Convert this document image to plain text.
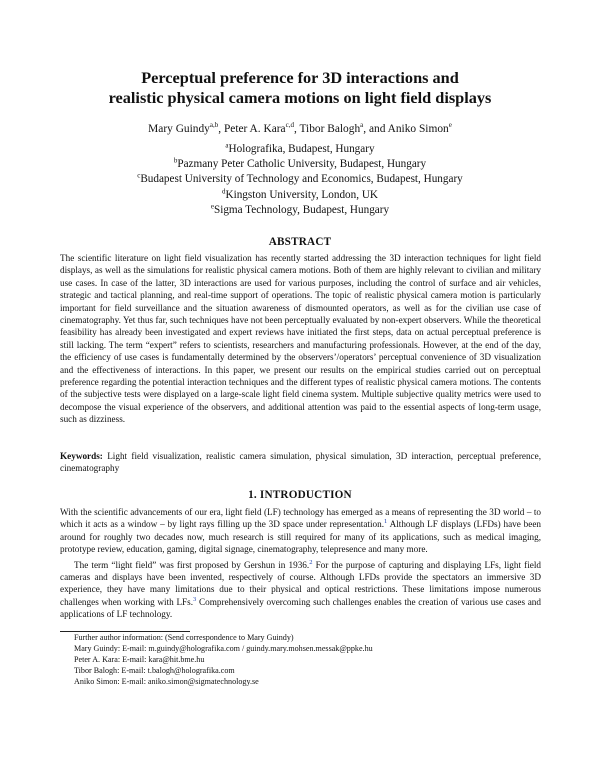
Perceptual preference for 3D interactions and
realistic physical camera motions on light field displays
Mary Guindy$^{a,b}$, Peter A. Kara$^{c,d}$, Tibor Balogh$^a$, and Aniko Simon$^e$
$^a$Holografika, Budapest, Hungary
$^b$Pazmany Peter Catholic University, Budapest, Hungary
$^c$Budapest University of Technology and Economics, Budapest, Hungary
$^d$Kingston University, London, UK
$^e$Sigma Technology, Budapest, Hungary
ABSTRACT

The scientific literature on light field visualization has recently started addressing the 3D interaction techniques for light field displays, as well as the simulations for realistic physical camera motions. Both of them are highly relevant to civilian and military use cases. In case of the latter, 3D interactions are used for various purposes, including the control of surface and air vehicles, strategic and tactical planning, and real-time support of operations. The topic of realistic physical camera motion is particularly important for field surveillance and the situation awareness of dismounted operators, as well as for the civilian use case of cinematography. Yet thus far, such techniques have not been perceptually evaluated by non-expert observers. While the theoretical feasibility has already been investigated and expert reviews have initiated the first steps, data on actual perceptual preference is still lacking. The term “expert” refers to scientists, researchers and manufacturing professionals. However, at the end of the day, the efficiency of use cases is fundamentally determined by the observers’/operators’ perceptual convenience of 3D visualization and the effectiveness of interactions. In this paper, we present our results on the empirical studies carried out on perceptual preference regarding the potential interaction techniques and the different types of realistic physical camera motions. The contents of the subjective tests were displayed on a large-scale light field cinema system. Multiple subjective quality metrics were used to decompose the visual experience of the observers, and additional attention was paid to the essential aspects of long-term usage, such as dizziness.

Keywords: Light field visualization, realistic camera simulation, physical simulation, 3D interaction, perceptual preference, cinematography

1. INTRODUCTION

With the scientific advancements of our era, light field (LF) technology has emerged as a means of representing the 3D world – to which it acts as a window – by light rays filling up the 3D space under representation.$^1$ Although LF displays (LFDs) have been around for roughly two decades now, much research is still required for many of its applications, such as medical imaging, prototype review, education, gaming, digital signage, cinematography, telepresence and many more.

The term “light field” was first proposed by Gershun in 1936.$^2$ For the purpose of capturing and displaying LFs, light field cameras and displays have been invented, respectively of course. Although LFDs provide the spectators an immersive 3D experience, they have many limitations due to their physical and optical restrictions. These limitations impose numerous challenges when working with LFs.$^3$ Comprehensively overcoming such challenges enables the creation of various use cases and applications of LF technology.

Further author information: (Send correspondence to Mary Guindy)
Mary Guindy: E-mail: m.guindy@holografika.com / guindy.mary.mohsen.messak@ppke.hu
Peter A. Kara: E-mail: kara@hit.bme.hu
Tibor Balogh: E-mail: t.balogh@holografika.com
Aniko Simon: E-mail: aniko.simon@sigmatechnology.se
